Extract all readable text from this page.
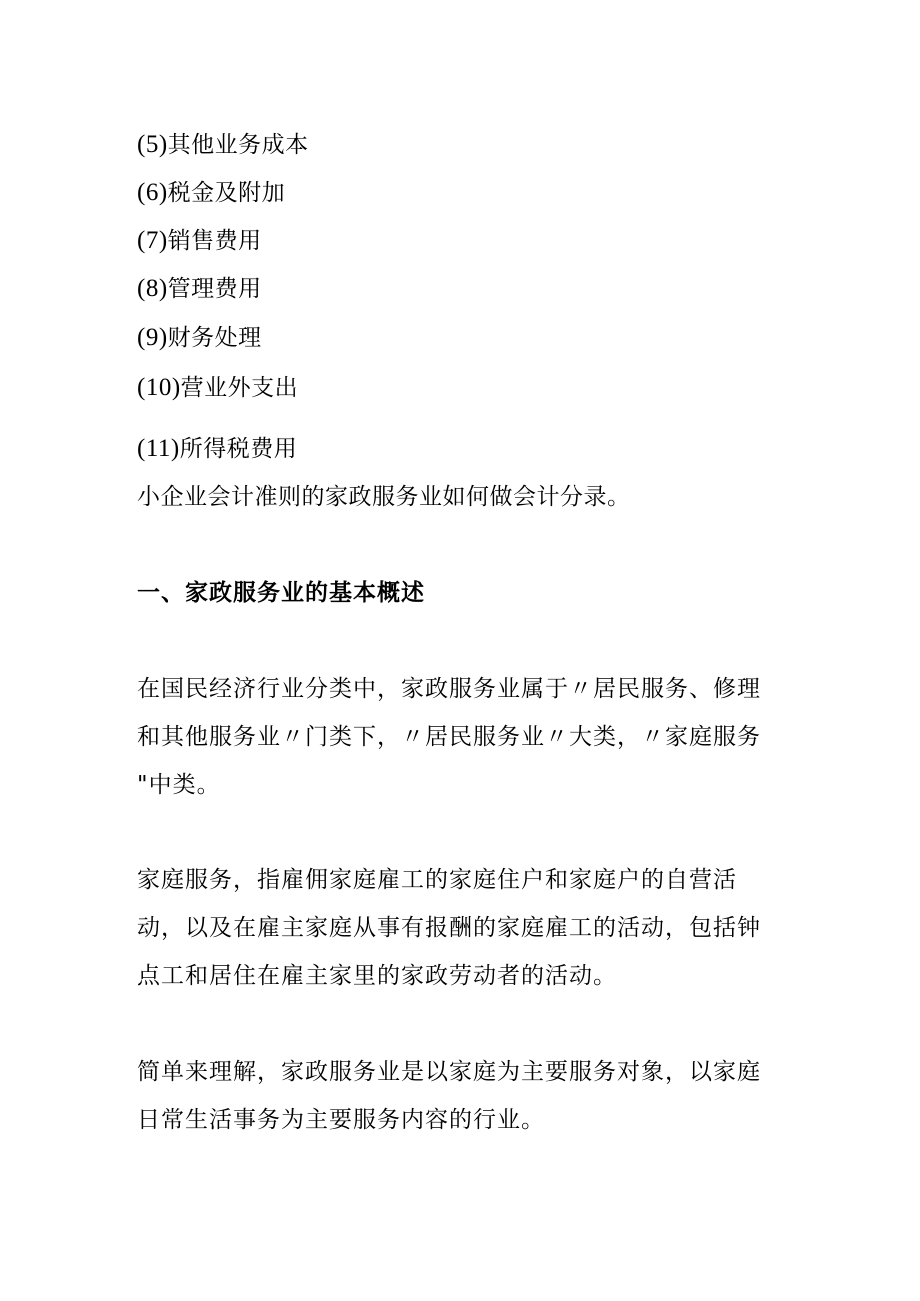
(5)其他业务成本
(6)税金及附加
(7)销售费用
(8)管理费用
(9)财务处理
(10)营业外支出
(11)所得税费用
小企业会计准则的家政服务业如何做会计分录。
一、家政服务业的基本概述
在国民经济行业分类中，家政服务业属于〃居民服务、修理
和其他服务业〃门类下，〃居民服务业〃大类，〃家庭服务
"中类。
家庭服务，指雇佣家庭雇工的家庭住户和家庭户的自营活
动，以及在雇主家庭从事有报酬的家庭雇工的活动，包括钟
点工和居住在雇主家里的家政劳动者的活动。
简单来理解，家政服务业是以家庭为主要服务对象，以家庭
日常生活事务为主要服务内容的行业。
